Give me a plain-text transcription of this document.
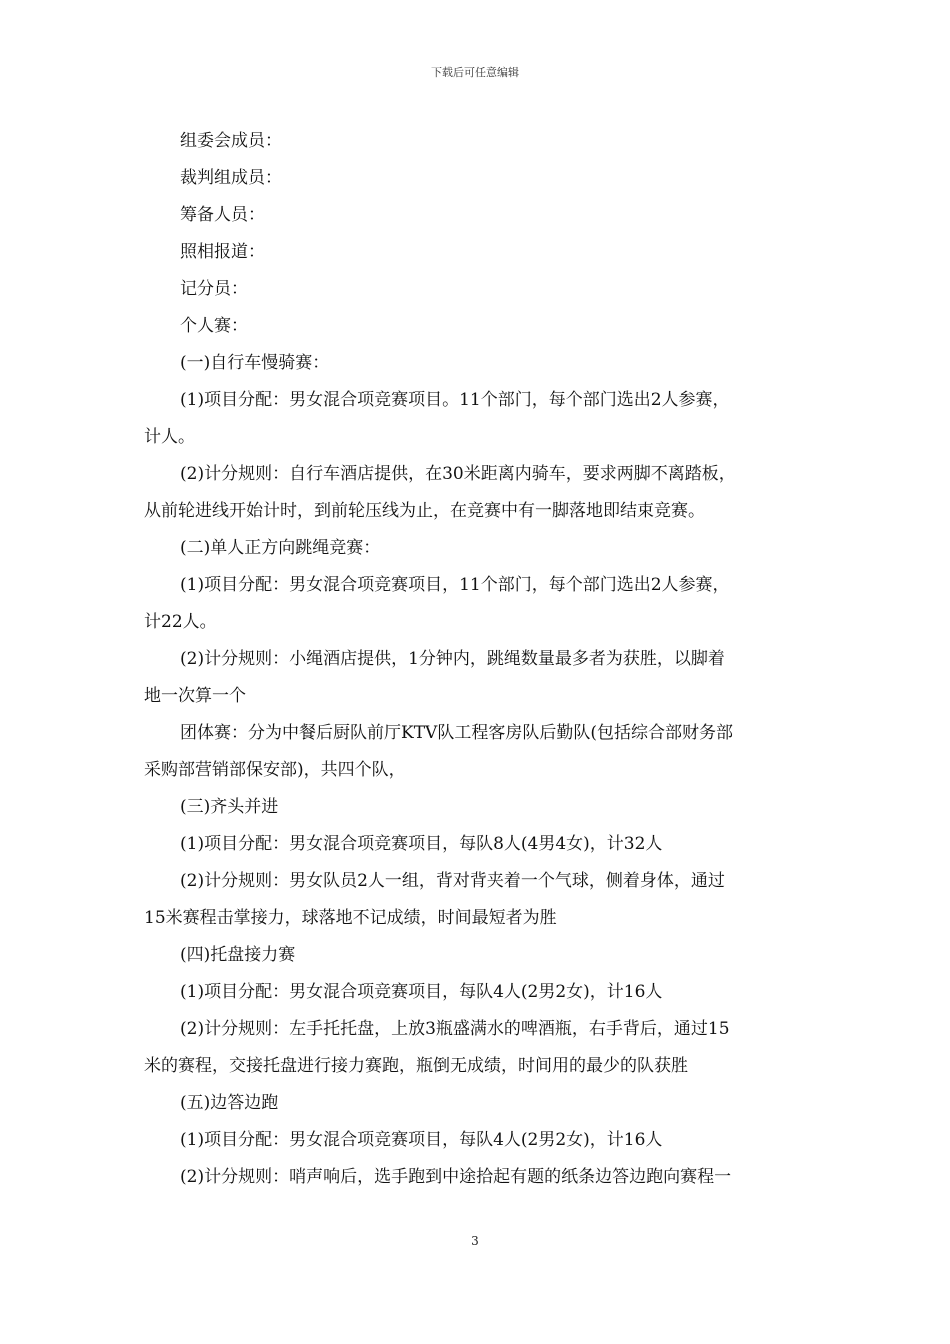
下载后可任意编辑
组委会成员：
裁判组成员：
筹备人员：
照相报道：
记分员：
个人赛：
(一)自行车慢骑赛：
(1)项目分配：男女混合项竞赛项目。11个部门，每个部门选出2人参赛，
计人。
(2)计分规则：自行车酒店提供，在30米距离内骑车，要求两脚不离踏板，
从前轮进线开始计时，到前轮压线为止，在竞赛中有一脚落地即结束竞赛。
(二)单人正方向跳绳竞赛：
(1)项目分配：男女混合项竞赛项目，11个部门，每个部门选出2人参赛，
计22人。
(2)计分规则：小绳酒店提供，1分钟内，跳绳数量最多者为获胜，以脚着
地一次算一个
团体赛：分为中餐后厨队前厅KTV队工程客房队后勤队(包括综合部财务部
采购部营销部保安部)，共四个队，
(三)齐头并进
(1)项目分配：男女混合项竞赛项目，每队8人(4男4女)，计32人
(2)计分规则：男女队员2人一组，背对背夹着一个气球，侧着身体，通过
15米赛程击掌接力，球落地不记成绩，时间最短者为胜
(四)托盘接力赛
(1)项目分配：男女混合项竞赛项目，每队4人(2男2女)，计16人
(2)计分规则：左手托托盘，上放3瓶盛满水的啤酒瓶，右手背后，通过15
米的赛程，交接托盘进行接力赛跑，瓶倒无成绩，时间用的最少的队获胜
(五)边答边跑
(1)项目分配：男女混合项竞赛项目，每队4人(2男2女)，计16人
(2)计分规则：哨声响后，选手跑到中途拾起有题的纸条边答边跑向赛程一
3
